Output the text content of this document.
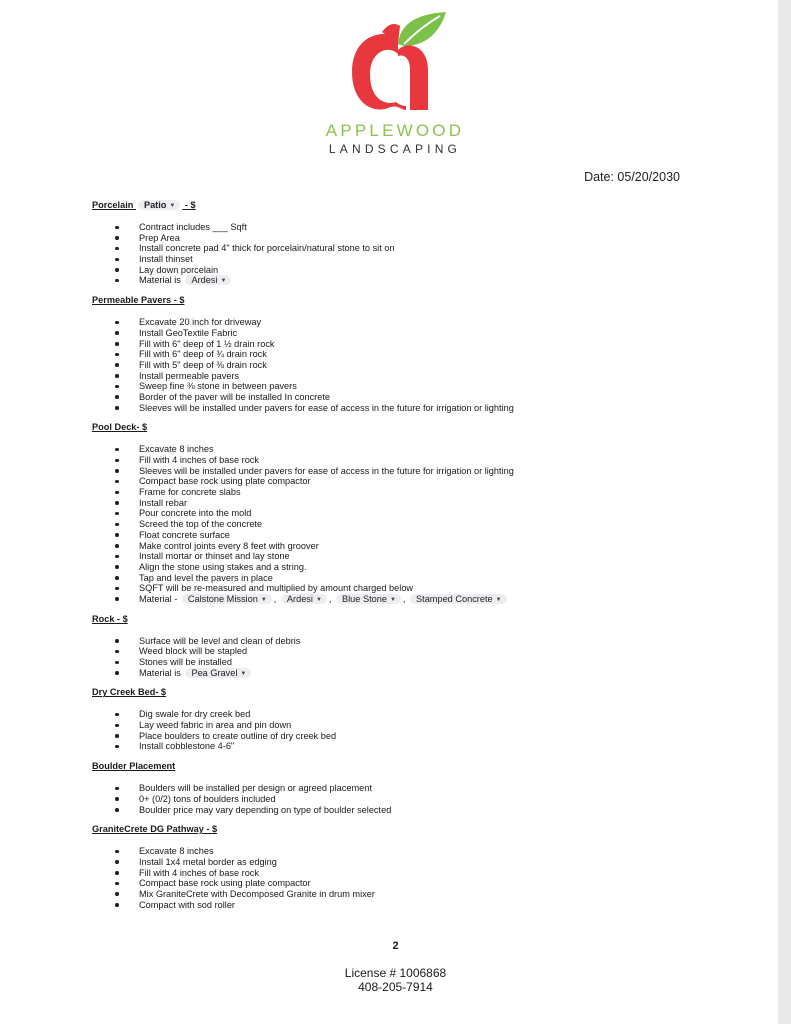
APPLEWOOD
LANDSCAPING
Date: 05/20/2030
Porcelain Patio ▼ - $
Contract includes ___ Sqft
Prep Area
Install concrete pad 4" thick for porcelain/natural stone to sit on
Install thinset
Lay down porcelain
Material is Ardesi ▼
Permeable Pavers - $
Excavate 20 inch for driveway
Install GeoTextile Fabric
Fill with 6" deep of 1 ½ drain rock
Fill with 6" deep of ¾ drain rock
Fill with 5" deep of ⅜ drain rock
Install permeable pavers
Sweep fine ⅜ stone in between pavers
Border of the paver will be installed In concrete
Sleeves will be installed under pavers for ease of access in the future for irrigation or lighting
Pool Deck- $
Excavate 8 inches
Fill with 4 inches of base rock
Sleeves will be installed under pavers for ease of access in the future for irrigation or lighting
Compact base rock using plate compactor
Frame for concrete slabs
Install rebar
Pour concrete into the mold
Screed the top of the concrete
Float concrete surface
Make control joints every 8 feet with groover
Install mortar or thinset and lay stone
Align the stone using stakes and a string.
Tap and level the pavers in place
SQFT will be re-measured and multiplied by amount charged below
Material - Calstone Mission ▼ , Ardesi ▼ , Blue Stone ▼ , Stamped Concrete ▼
Rock - $
Surface will be level and clean of debris
Weed block will be stapled
Stones will be installed
Material is Pea Gravel ▼
Dry Creek Bed- $
Dig swale for dry creek bed
Lay weed fabric in area and pin down
Place boulders to create outline of dry creek bed
Install cobblestone 4-6"
Boulder Placement
Boulders will be installed per design or agreed placement
0+ (0/2) tons of boulders included
Boulder price may vary depending on type of boulder selected
GraniteCrete DG Pathway - $
Excavate 8 inches
Install 1x4 metal border as edging
Fill with 4 inches of base rock
Compact base rock using plate compactor
Mix GraniteCrete with Decomposed Granite in drum mixer
Compact with sod roller
2
License # 1006868
408-205-7914
